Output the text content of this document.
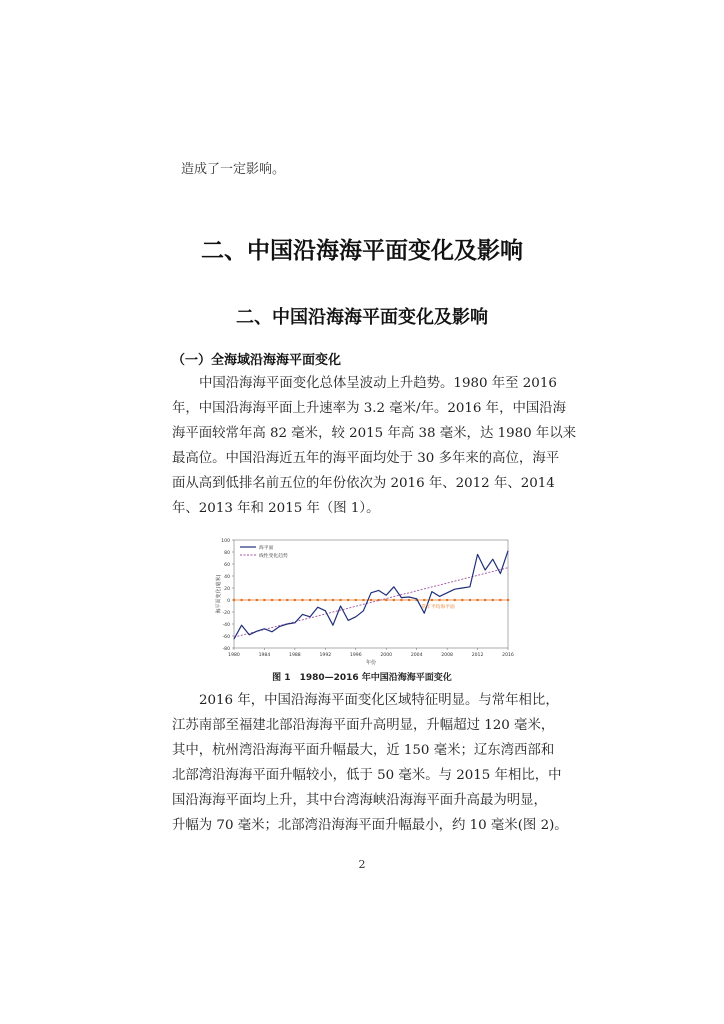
造成了一定影响。
二、中国沿海海平面变化及影响
二、中国沿海海平面变化及影响
（一）全海域沿海海平面变化
中国沿海海平面变化总体呈波动上升趋势。1980 年至 2016
年，中国沿海海平面上升速率为 3.2 毫米/年。2016 年，中国沿海
海平面较常年高 82 毫米，较 2015 年高 38 毫米，达 1980 年以来
最高位。中国沿海近五年的海平面均处于 30 多年来的高位，海平
面从高到低排名前五位的年份依次为 2016 年、2012 年、2014
年、2013 年和 2015 年（图 1）。
100
80
60
40
20
0
-20
-40
-60
-80
1980	1984	1988	1992	1996	2000	2004	2008	2012	2016
年份
海平面变化(毫米)	常年平均海平面
海平面
线性变化趋势
图 1　1980—2016 年中国沿海海平面变化
2016 年，中国沿海海平面变化区域特征明显。与常年相比，
江苏南部至福建北部沿海海平面升高明显，升幅超过 120 毫米，
其中，杭州湾沿海海平面升幅最大，近 150 毫米；辽东湾西部和
北部湾沿海海平面升幅较小，低于 50 毫米。与 2015 年相比，中
国沿海海平面均上升，其中台湾海峡沿海海平面升高最为明显，
升幅为 70 毫米；北部湾沿海海平面升幅最小，约 10 毫米(图 2)。
2
